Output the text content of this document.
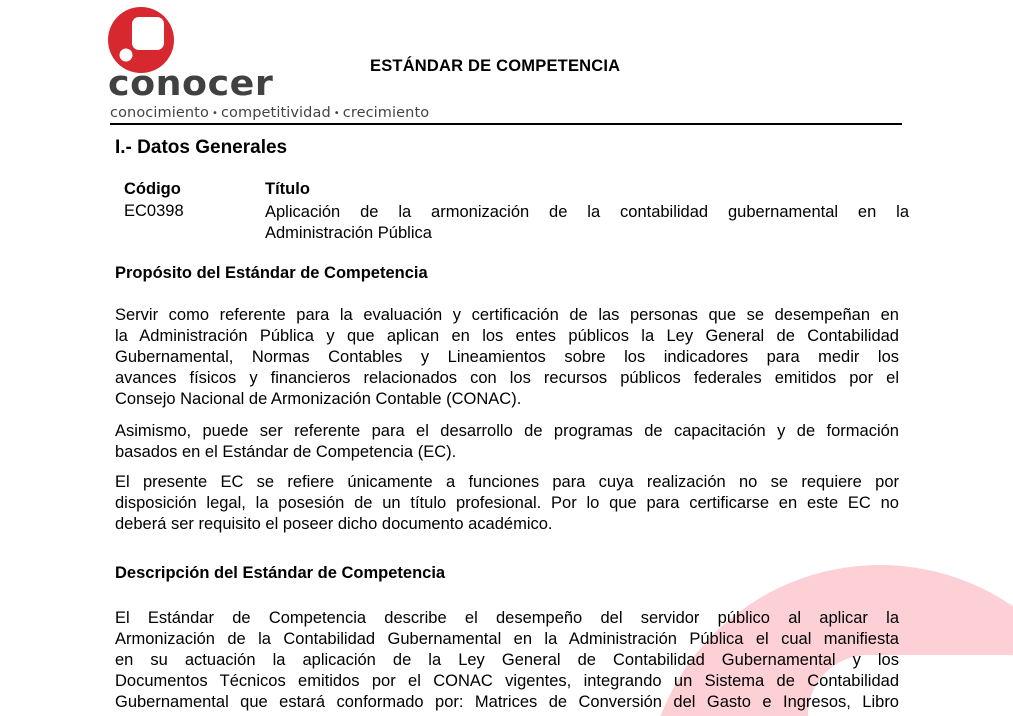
conocer
conocimiento • competitividad • crecimiento
ESTÁNDAR DE COMPETENCIA
I.- Datos Generales
Código
EC0398
Título
Aplicación de la armonización de la contabilidad gubernamental en la
Administración Pública
Propósito del Estándar de Competencia
Servir como referente para la evaluación y certificación de las personas que se desempeñan en
la Administración Pública y que aplican en los entes públicos la Ley General de Contabilidad
Gubernamental, Normas Contables y Lineamientos sobre los indicadores para medir los
avances físicos y financieros relacionados con los recursos públicos federales emitidos por el
Consejo Nacional de Armonización Contable (CONAC).
Asimismo, puede ser referente para el desarrollo de programas de capacitación y de formación
basados en el Estándar de Competencia (EC).
El presente EC se refiere únicamente a funciones para cuya realización no se requiere por
disposición legal, la posesión de un título profesional. Por lo que para certificarse en este EC no
deberá ser requisito el poseer dicho documento académico.
Descripción del Estándar de Competencia
El Estándar de Competencia describe el desempeño del servidor público al aplicar la
Armonización de la Contabilidad Gubernamental en la Administración Pública el cual manifiesta
en su actuación la aplicación de la Ley General de Contabilidad Gubernamental y los
Documentos Técnicos emitidos por el CONAC vigentes, integrando un Sistema de Contabilidad
Gubernamental que estará conformado por: Matrices de Conversión del Gasto e Ingresos, Libro
